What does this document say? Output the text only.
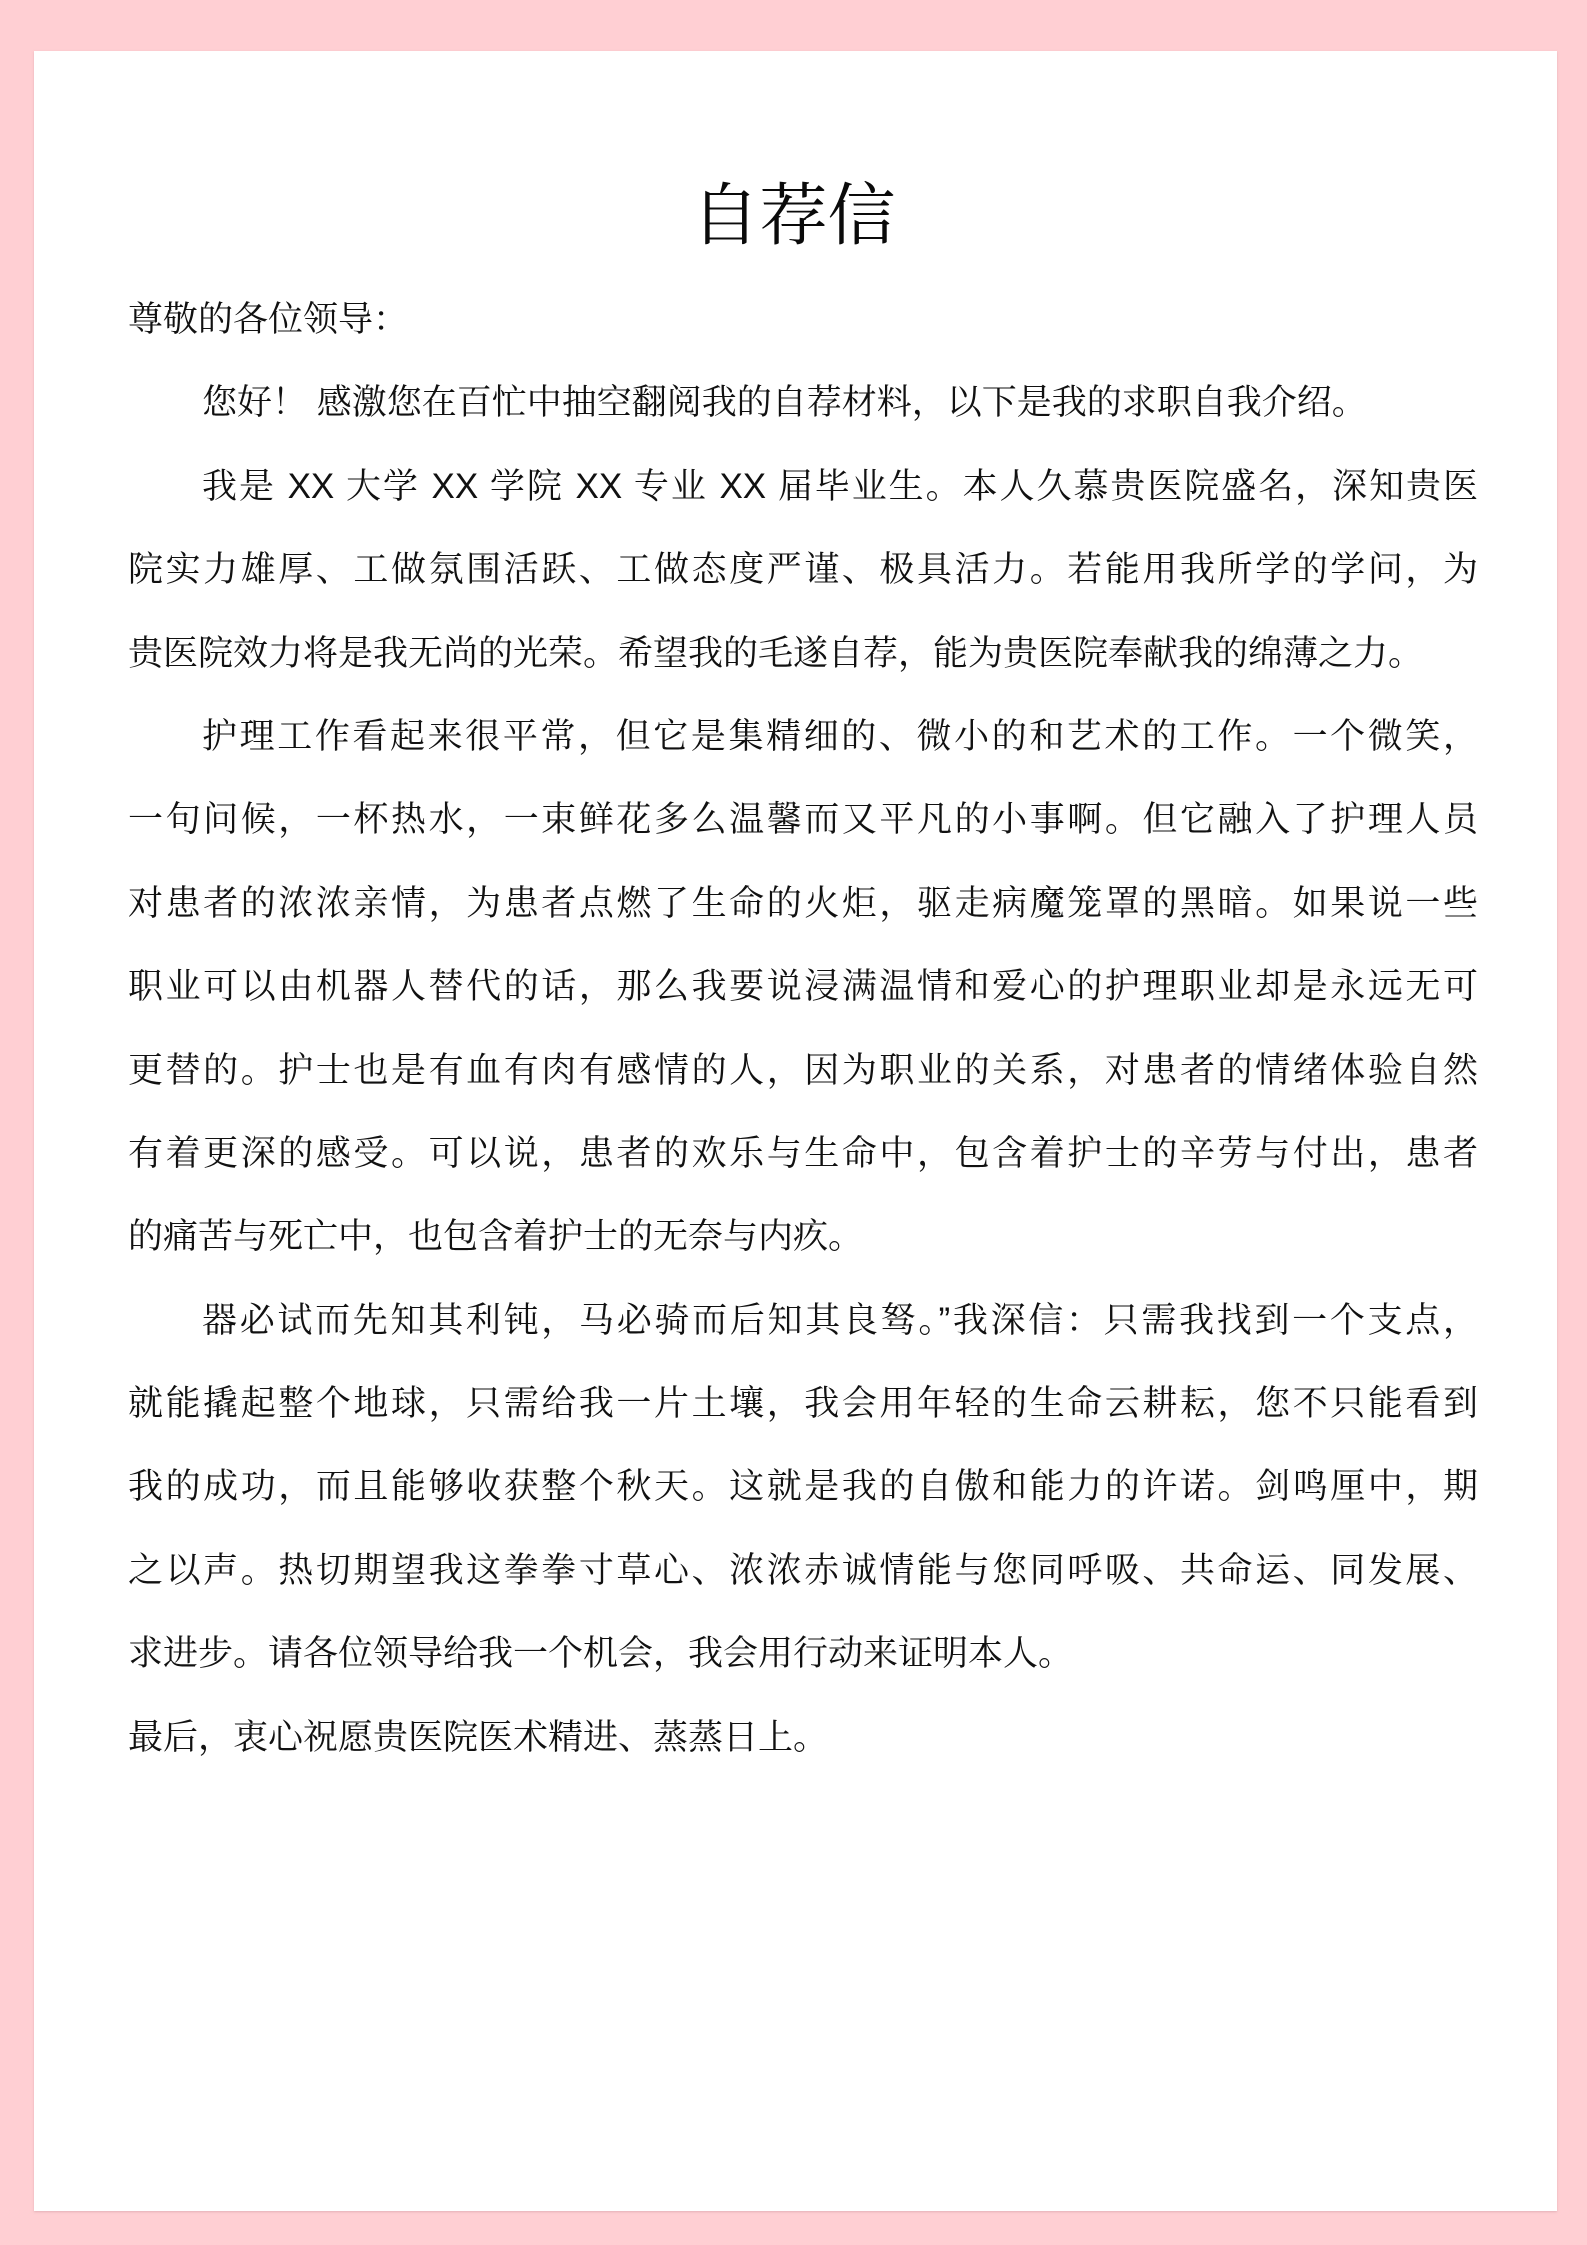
自荐信
尊敬的各位领导：
您好！ 感激您在百忙中抽空翻阅我的自荐材料，以下是我的求职自我介绍。
我是 XX 大学 XX 学院 XX 专业 XX 届毕业生。本人久慕贵医院盛名，深知贵医
院实力雄厚、工做氛围活跃、工做态度严谨、极具活力。若能用我所学的学问，为
贵医院效力将是我无尚的光荣。希望我的毛遂自荐，能为贵医院奉献我的绵薄之力。
护理工作看起来很平常，但它是集精细的、微小的和艺术的工作。一个微笑，
一句问候，一杯热水，一束鲜花多么温馨而又平凡的小事啊。但它融入了护理人员
对患者的浓浓亲情，为患者点燃了生命的火炬，驱走病魔笼罩的黑暗。如果说一些
职业可以由机器人替代的话，那么我要说浸满温情和爱心的护理职业却是永远无可
更替的。护士也是有血有肉有感情的人，因为职业的关系，对患者的情绪体验自然
有着更深的感受。可以说，患者的欢乐与生命中，包含着护士的辛劳与付出，患者
的痛苦与死亡中，也包含着护士的无奈与内疚。
器必试而先知其利钝，马必骑而后知其良驽。”我深信：只需我找到一个支点，
就能撬起整个地球，只需给我一片土壤，我会用年轻的生命云耕耘，您不只能看到
我的成功，而且能够收获整个秋天。这就是我的自傲和能力的许诺。剑鸣厘中，期
之以声。热切期望我这拳拳寸草心、浓浓赤诚情能与您同呼吸、共命运、同发展、
求进步。请各位领导给我一个机会，我会用行动来证明本人。
最后，衷心祝愿贵医院医术精进、蒸蒸日上。
